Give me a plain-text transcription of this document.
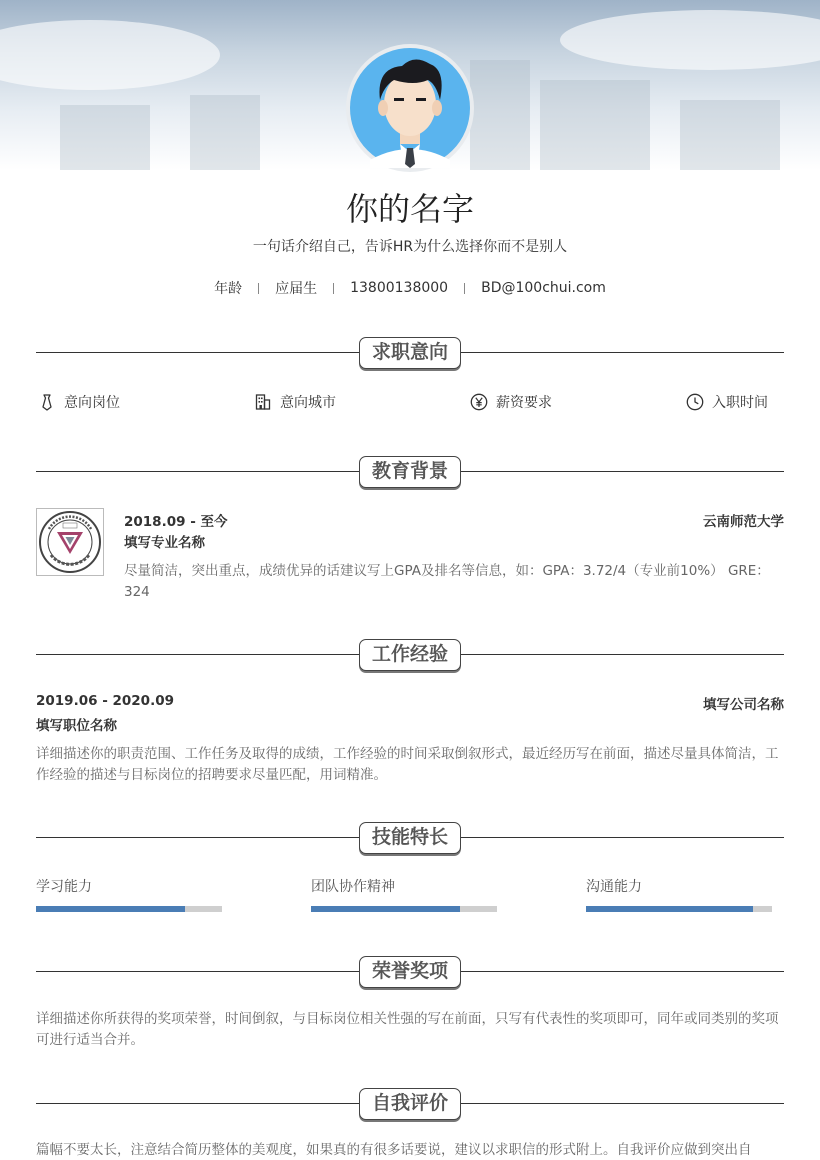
你的名字
一句话介绍自己，告诉HR为什么选择你而不是别人
年龄 应届生 13800138000 BD@100chui.com
求职意向
意向岗位	意向城市	薪资要求	入职时间
教育背景
2018.09 - 至今	云南师范大学
填写专业名称
尽量简洁，突出重点，成绩优异的话建议写上GPA及排名等信息，如：GPA：3.72/4（专业前10%） GRE：324
工作经验
2019.06 - 2020.09	填写公司名称
填写职位名称
详细描述你的职责范围、工作任务及取得的成绩，工作经验的时间采取倒叙形式，最近经历写在前面，描述尽量具体简洁，工作经验的描述与目标岗位的招聘要求尽量匹配，用词精准。
技能特长
学习能力	团队协作精神	沟通能力
荣誉奖项
详细描述你所获得的奖项荣誉，时间倒叙，与目标岗位相关性强的写在前面，只写有代表性的奖项即可，同年或同类别的奖项可进行适当合并。
自我评价
篇幅不要太长，注意结合简历整体的美观度，如果真的有很多话要说，建议以求职信的形式附上。自我评价应做到突出自
